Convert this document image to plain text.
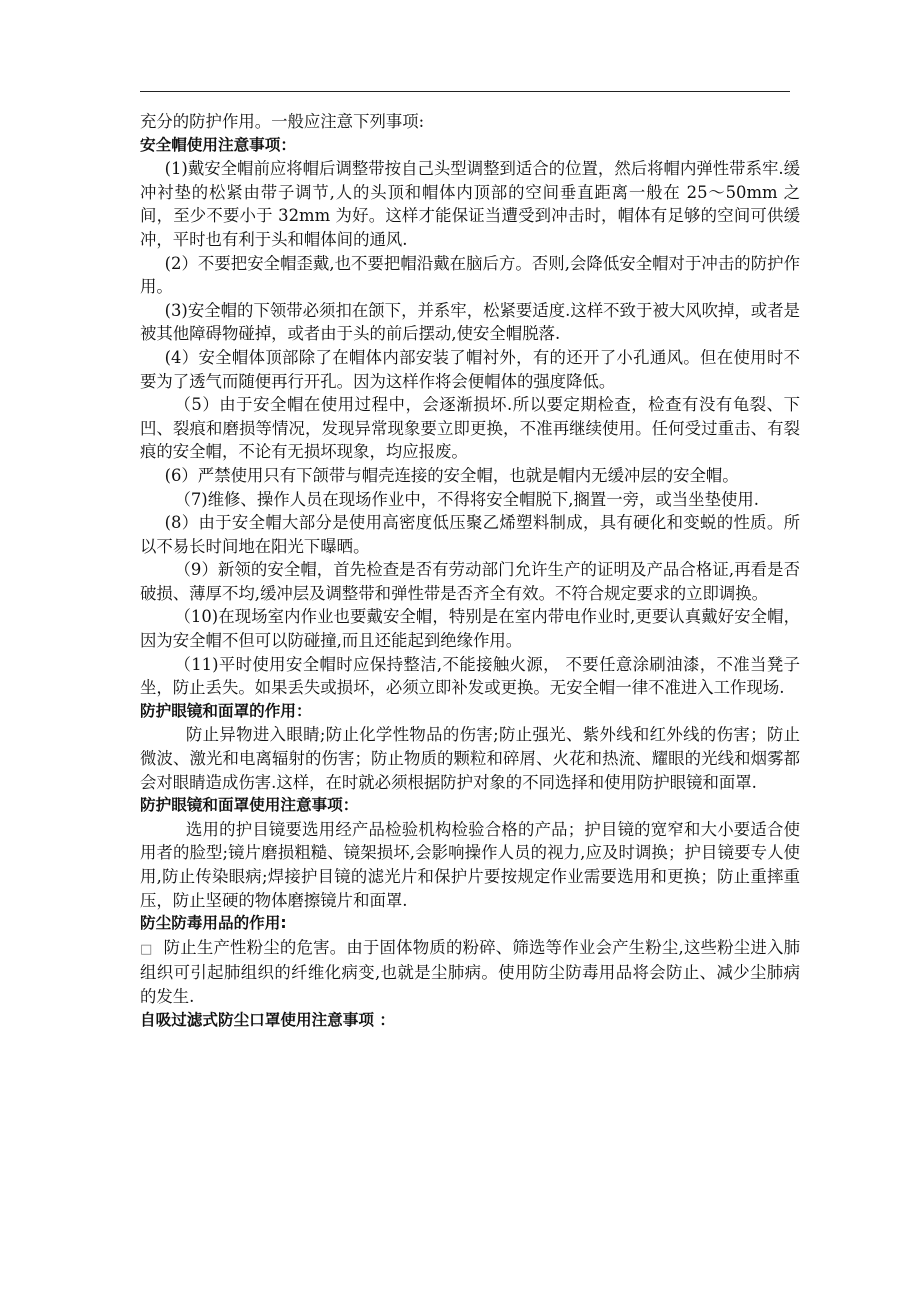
充分的防护作用。一般应注意下列事项:

安全帽使用注意事项：

(1)戴安全帽前应将帽后调整带按自己头型调整到适合的位置，然后将帽内弹性带系牢.缓冲衬垫的松紧由带子调节,人的头顶和帽体内顶部的空间垂直距离一般在 25～50mm 之间，至少不要小于 32mm 为好。这样才能保证当遭受到冲击时，帽体有足够的空间可供缓冲，平时也有利于头和帽体间的通风.

(2）不要把安全帽歪戴,也不要把帽沿戴在脑后方。否则,会降低安全帽对于冲击的防护作用。

(3)安全帽的下领带必须扣在颌下，并系牢，松紧要适度.这样不致于被大风吹掉，或者是被其他障碍物碰掉，或者由于头的前后摆动,使安全帽脱落.

(4）安全帽体顶部除了在帽体内部安装了帽衬外，有的还开了小孔通风。但在使用时不要为了透气而随便再行开孔。因为这样作将会便帽体的强度降低。

（5）由于安全帽在使用过程中，会逐渐损坏.所以要定期检查，检查有没有龟裂、下凹、裂痕和磨损等情况，发现异常现象要立即更换，不准再继续使用。任何受过重击、有裂痕的安全帽，不论有无损坏现象，均应报废。

(6）严禁使用只有下颌带与帽壳连接的安全帽，也就是帽内无缓冲层的安全帽。

（7)维修、操作人员在现场作业中，不得将安全帽脱下,搁置一旁，或当坐垫使用.

(8）由于安全帽大部分是使用高密度低压聚乙烯塑料制成，具有硬化和变蜕的性质。所以不易长时间地在阳光下曝晒。

（9）新领的安全帽，首先检查是否有劳动部门允许生产的证明及产品合格证,再看是否破损、薄厚不均,缓冲层及调整带和弹性带是否齐全有效。不符合规定要求的立即调换。

（10)在现场室内作业也要戴安全帽，特别是在室内带电作业时,更要认真戴好安全帽，因为安全帽不但可以防碰撞,而且还能起到绝缘作用。

（11)平时使用安全帽时应保持整洁,不能接触火源， 不要任意涂刷油漆，不准当凳子坐，防止丢失。如果丢失或损坏，必须立即补发或更换。无安全帽一律不准进入工作现场.

防护眼镜和面罩的作用：

防止异物进入眼睛;防止化学性物品的伤害;防止强光、紫外线和红外线的伤害；防止微波、激光和电离辐射的伤害；防止物质的颗粒和碎屑、火花和热流、耀眼的光线和烟雾都会对眼睛造成伤害.这样，在时就必须根据防护对象的不同选择和使用防护眼镜和面罩.

防护眼镜和面罩使用注意事项：

选用的护目镜要选用经产品检验机构检验合格的产品；护目镜的宽窄和大小要适合使用者的脸型;镜片磨损粗糙、镜架损坏,会影响操作人员的视力,应及时调换；护目镜要专人使用,防止传染眼病;焊接护目镜的滤光片和保护片要按规定作业需要选用和更换；防止重摔重压，防止坚硬的物体磨擦镜片和面罩.

防尘防毒用品的作用:

□ 防止生产性粉尘的危害。由于固体物质的粉碎、筛选等作业会产生粉尘,这些粉尘进入肺组织可引起肺组织的纤维化病变,也就是尘肺病。使用防尘防毒用品将会防止、减少尘肺病的发生.

自吸过滤式防尘口罩使用注意事项 ：
